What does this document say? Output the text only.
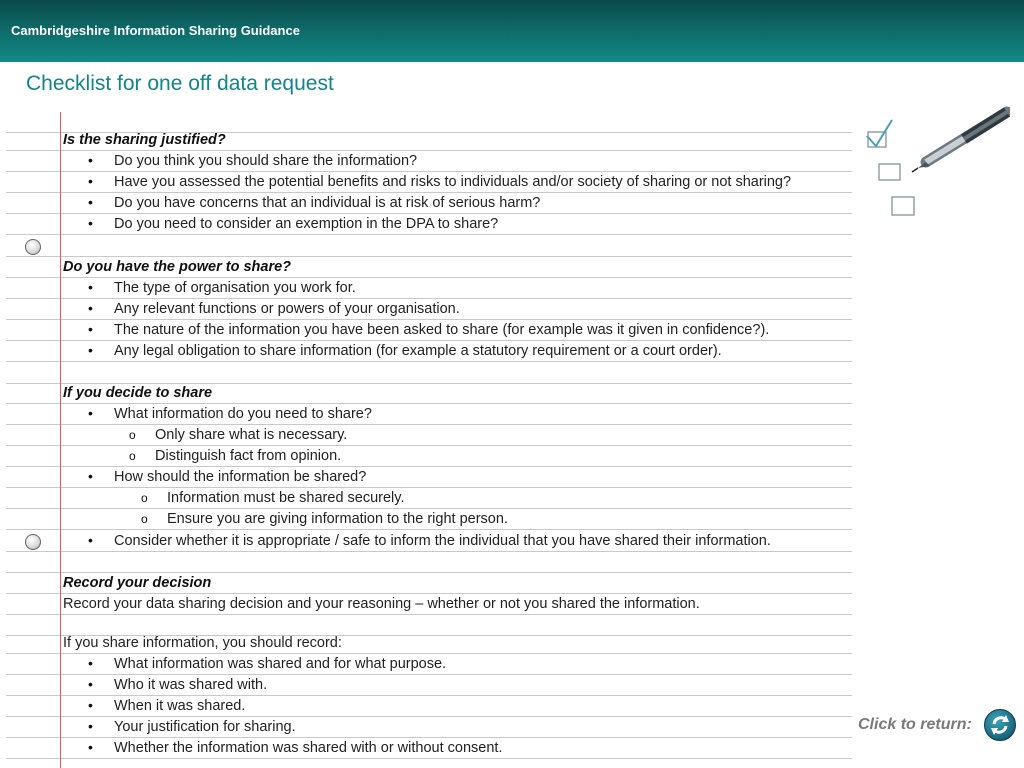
Cambridgeshire Information Sharing Guidance
Checklist for one off data request
Is the sharing justified?
• Do you think you should share the information?
• Have you assessed the potential benefits and risks to individuals and/or society of sharing or not sharing?
• Do you have concerns that an individual is at risk of serious harm?
• Do you need to consider an exemption in the DPA to share?
Do you have the power to share?
• The type of organisation you work for.
• Any relevant functions or powers of your organisation.
• The nature of the information you have been asked to share (for example was it given in confidence?).
• Any legal obligation to share information (for example a statutory requirement or a court order).
If you decide to share
• What information do you need to share?
o Only share what is necessary.
o Distinguish fact from opinion.
• How should the information be shared?
o Information must be shared securely.
o Ensure you are giving information to the right person.
• Consider whether it is appropriate / safe to inform the individual that you have shared their information.
Record your decision
Record your data sharing decision and your reasoning – whether or not you shared the information.
If you share information, you should record:
• What information was shared and for what purpose.
• Who it was shared with.
• When it was shared.
• Your justification for sharing.
• Whether the information was shared with or without consent.
Click to return:
